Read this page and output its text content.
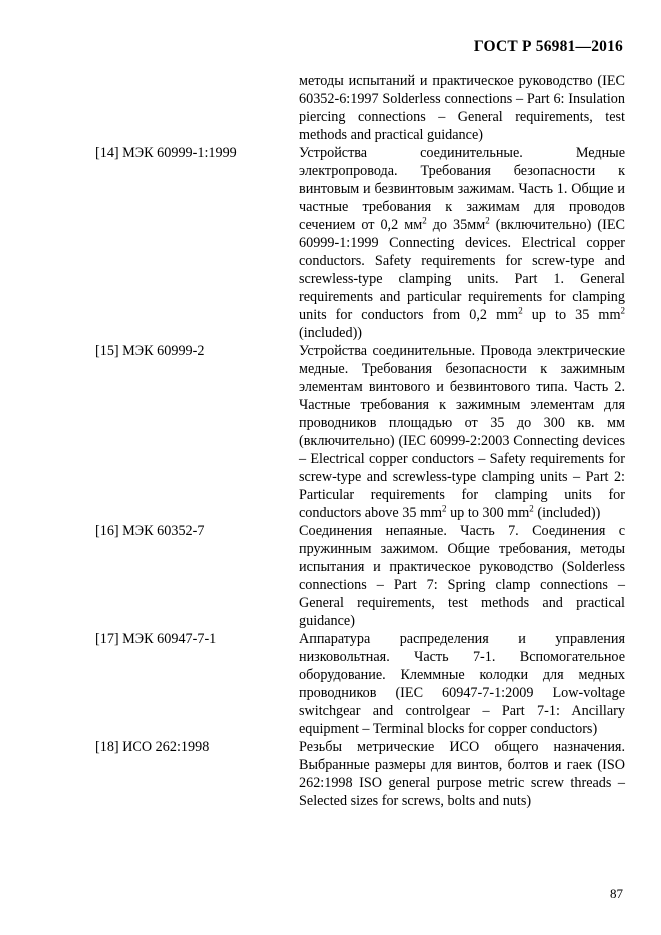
ГОСТ Р 56981—2016
методы испытаний и практическое руководство (IEC 60352-6:1997 Solderless connections – Part 6: Insulation piercing connections – General requirements, test methods and practical guidance)
[14] МЭК 60999-1:1999	Устройства соединительные. Медные электропровода. Требования безопасности к винтовым и безвинтовым зажимам. Часть 1. Общие и частные требования к зажимам для проводов сечением от 0,2 $мм^2$ до $35мм^2$ (включительно) (IEC 60999-1:1999 Connecting devices. Electrical copper conductors. Safety requirements for screw-type and screwless-type clamping units. Part 1. General requirements and particular requirements for clamping units for conductors from 0,2 $mm^2$ up to 35 $mm^2$ (included))
[15] МЭК 60999-2	Устройства соединительные. Провода электрические медные. Требования безопасности к зажимным элементам винтового и безвинтового типа. Часть 2. Частные требования к зажимным элементам для проводников площадью от 35 до 300 кв. мм (включительно) (IEC 60999-2:2003 Connecting devices – Electrical copper conductors – Safety requirements for screw-type and screwless-type clamping units – Part 2: Particular requirements for clamping units for conductors above 35 $mm^2$ up to 300 $mm^2$ (included))
[16] МЭК 60352-7	Соединения непаяные. Часть 7. Соединения с пружинным зажимом. Общие требования, методы испытания и практическое руководство (Solderless connections – Part 7: Spring clamp connections – General requirements, test methods and practical guidance)
[17] МЭК 60947-7-1	Аппаратура распределения и управления низковольтная. Часть 7-1. Вспомогательное оборудование. Клеммные колодки для медных проводников (IEC 60947-7-1:2009 Low-voltage switchgear and controlgear – Part 7-1: Ancillary equipment – Terminal blocks for copper conductors)
[18] ИСО 262:1998	Резьбы метрические ИСО общего назначения. Выбранные размеры для винтов, болтов и гаек (ISO 262:1998 ISO general purpose metric screw threads – Selected sizes for screws, bolts and nuts)
87
